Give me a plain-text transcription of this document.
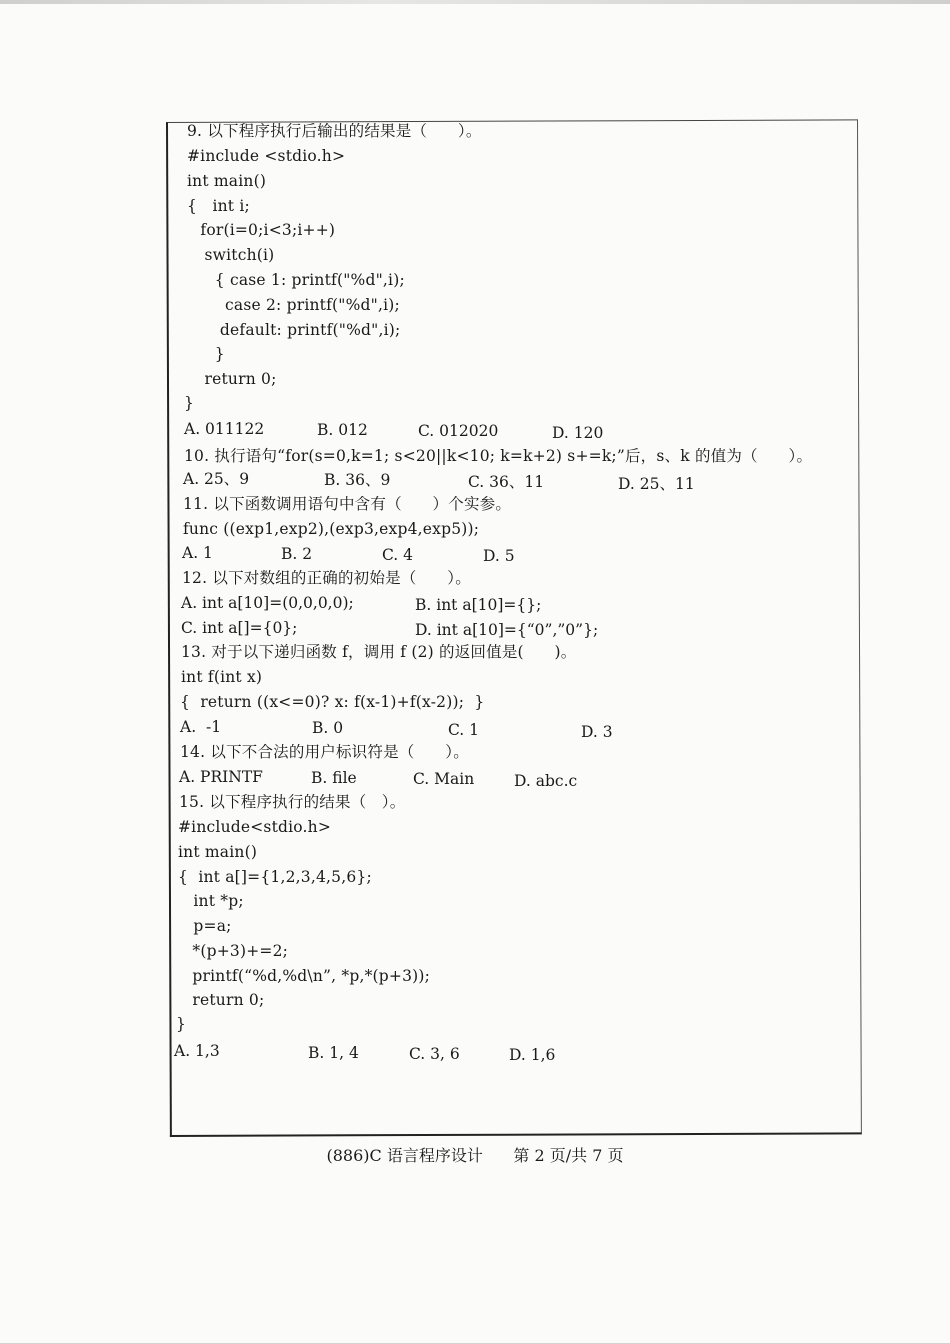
9. 以下程序执行后输出的结果是（      ）。
#include <stdio.h>
int main()
{   int i;
for(i=0;i<3;i++)
switch(i)
{ case 1: printf("%d",i);
case 2: printf("%d",i);
default: printf("%d",i);
}
return 0;
}
A. 011122	B. 012	C. 012020	D. 120
10. 执行语句“for(s=0,k=1; s<20||k<10; k=k+2) s+=k;”后，s、k 的值为（      ）。
A. 25、9	B. 36、9	C. 36、11	D. 25、11
11. 以下函数调用语句中含有（      ）个实参。
func ((exp1,exp2),(exp3,exp4,exp5));
A. 1	B. 2	C. 4	D. 5
12. 以下对数组的正确的初始是（      ）。
A. int a[10]=(0,0,0,0);	B. int a[10]={};
C. int a[]={0};	D. int a[10]={“0”,”0”};
13. 对于以下递归函数 f，调用 f (2) 的返回值是(      )。
int f(int x)
{  return ((x<=0)? x: f(x-1)+f(x-2));  }
A.  -1	B. 0	C. 1	D. 3
14. 以下不合法的用户标识符是（      ）。
A. PRINTF	B. file	C. Main	D. abc.c
15. 以下程序执行的结果（   ）。
#include<stdio.h>
int main()
{  int a[]={1,2,3,4,5,6};
int *p;
p=a;
*(p+3)+=2;
printf(“%d,%d\n”, *p,*(p+3));
return 0;
}
A. 1,3	B. 1, 4	C. 3, 6	D. 1,6
(886)C 语言程序设计 第 2 页/共 7 页
